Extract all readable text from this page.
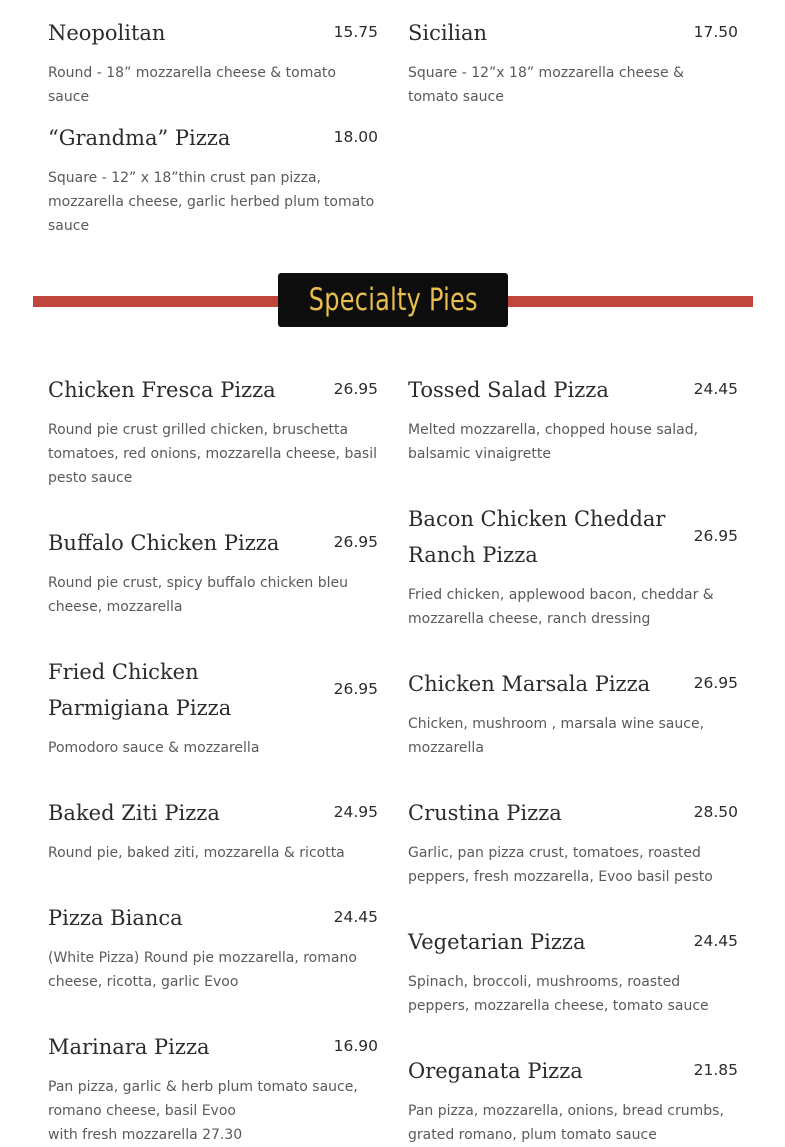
15.75
Neopolitan
Round - 18” mozzarella cheese & tomato sauce
17.50
Sicilian
Square - 12”x 18” mozzarella cheese & tomato sauce
18.00
“Grandma” Pizza
Square - 12” x 18”thin crust pan pizza, mozzarella cheese, garlic herbed plum tomato sauce
Specialty Pies
26.95
Chicken Fresca Pizza
Round pie crust grilled chicken, bruschetta tomatoes, red onions, mozzarella cheese, basil pesto sauce
26.95
Buffalo Chicken Pizza
Round pie crust, spicy buffalo chicken bleu cheese, mozzarella
26.95
Fried Chicken Parmigiana Pizza
Pomodoro sauce & mozzarella
24.95
Baked Ziti Pizza
Round pie, baked ziti, mozzarella & ricotta
24.45
Pizza Bianca
(White Pizza) Round pie mozzarella, romano cheese, ricotta, garlic Evoo
16.90
Marinara Pizza
Pan pizza, garlic & herb plum tomato sauce, romano cheese, basil Evoo
with fresh mozzarella 27.30
24.45
Tossed Salad Pizza
Melted mozzarella, chopped house salad, balsamic vinaigrette
26.95
Bacon Chicken Cheddar Ranch Pizza
Fried chicken, applewood bacon, cheddar & mozzarella cheese, ranch dressing
26.95
Chicken Marsala Pizza
Chicken, mushroom , marsala wine sauce, mozzarella
28.50
Crustina Pizza
Garlic, pan pizza crust, tomatoes, roasted peppers, fresh mozzarella, Evoo basil pesto
24.45
Vegetarian Pizza
Spinach, broccoli, mushrooms, roasted peppers, mozzarella cheese, tomato sauce
21.85
Oreganata Pizza
Pan pizza, mozzarella, onions, bread crumbs, grated romano, plum tomato sauce
